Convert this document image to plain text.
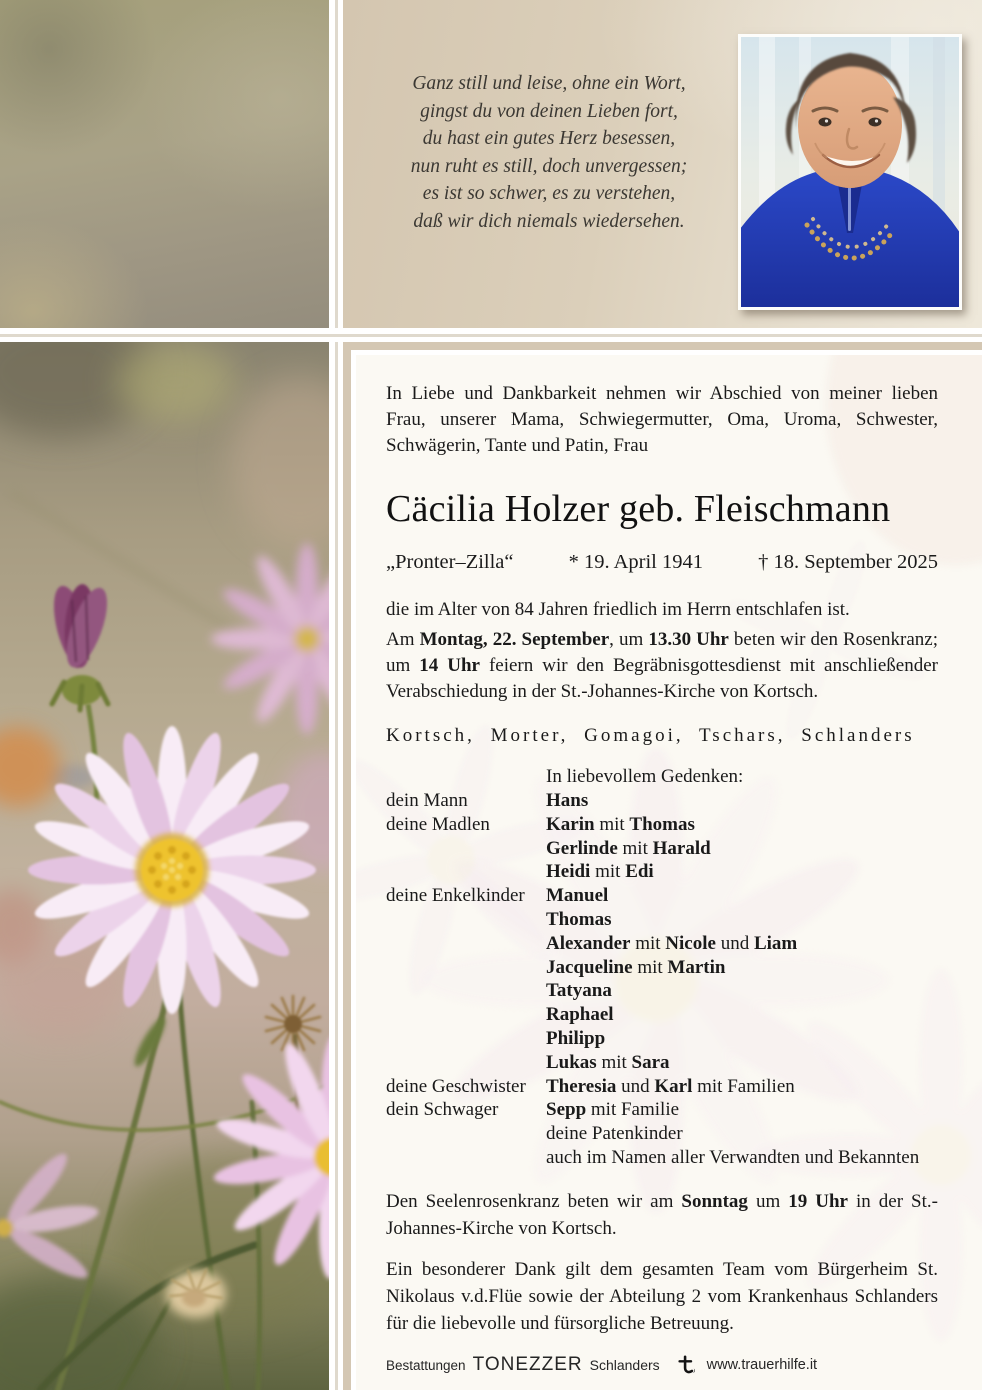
Ganz still und leise, ohne ein Wort,
gingst du von deinen Lieben fort,
du hast ein gutes Herz besessen,
nun ruht es still, doch unvergessen;
es ist so schwer, es zu verstehen,
daß wir dich niemals wiedersehen.

In Liebe und Dankbarkeit nehmen wir Abschied von meiner lieben Frau, unserer Mama, Schwiegermutter, Oma, Uroma, Schwester, Schwägerin, Tante und Patin, Frau

Cäcilia Holzer geb. Fleischmann
„Pronter–Zilla“	* 19. April 1941	† 18. September 2025

die im Alter von 84 Jahren friedlich im Herrn entschlafen ist.

Am Montag, 22. September, um 13.30 Uhr beten wir den Rosenkranz; um 14 Uhr feiern wir den Begräbnisgottesdienst mit anschließender Verabschiedung in der St.-Johannes-Kirche von Kortsch.

Kortsch, Morter, Gomagoi, Tschars, Schlanders

In liebevollem Gedenken:
dein Mann	Hans
deine Madlen	Karin mit Thomas
Gerlinde mit Harald
Heidi mit Edi
deine Enkelkinder	Manuel
Thomas
Alexander mit Nicole und Liam
Jacqueline mit Martin
Tatyana
Raphael
Philipp
Lukas mit Sara
deine Geschwister	Theresia und Karl mit Familien
dein Schwager	Sepp mit Familie
deine Patenkinder
auch im Namen aller Verwandten und Bekannten

Den Seelenrosenkranz beten wir am Sonntag um 19 Uhr in der St.-Johannes-Kirche von Kortsch.

Ein besonderer Dank gilt dem gesamten Team vom Bürgerheim St. Nikolaus v.d.Flüe sowie der Abteilung 2 vom Krankenhaus Schlanders für die liebevolle und fürsorgliche Betreuung.

Bestattungen TONEZZER Schlanders	www.trauerhilfe.it
